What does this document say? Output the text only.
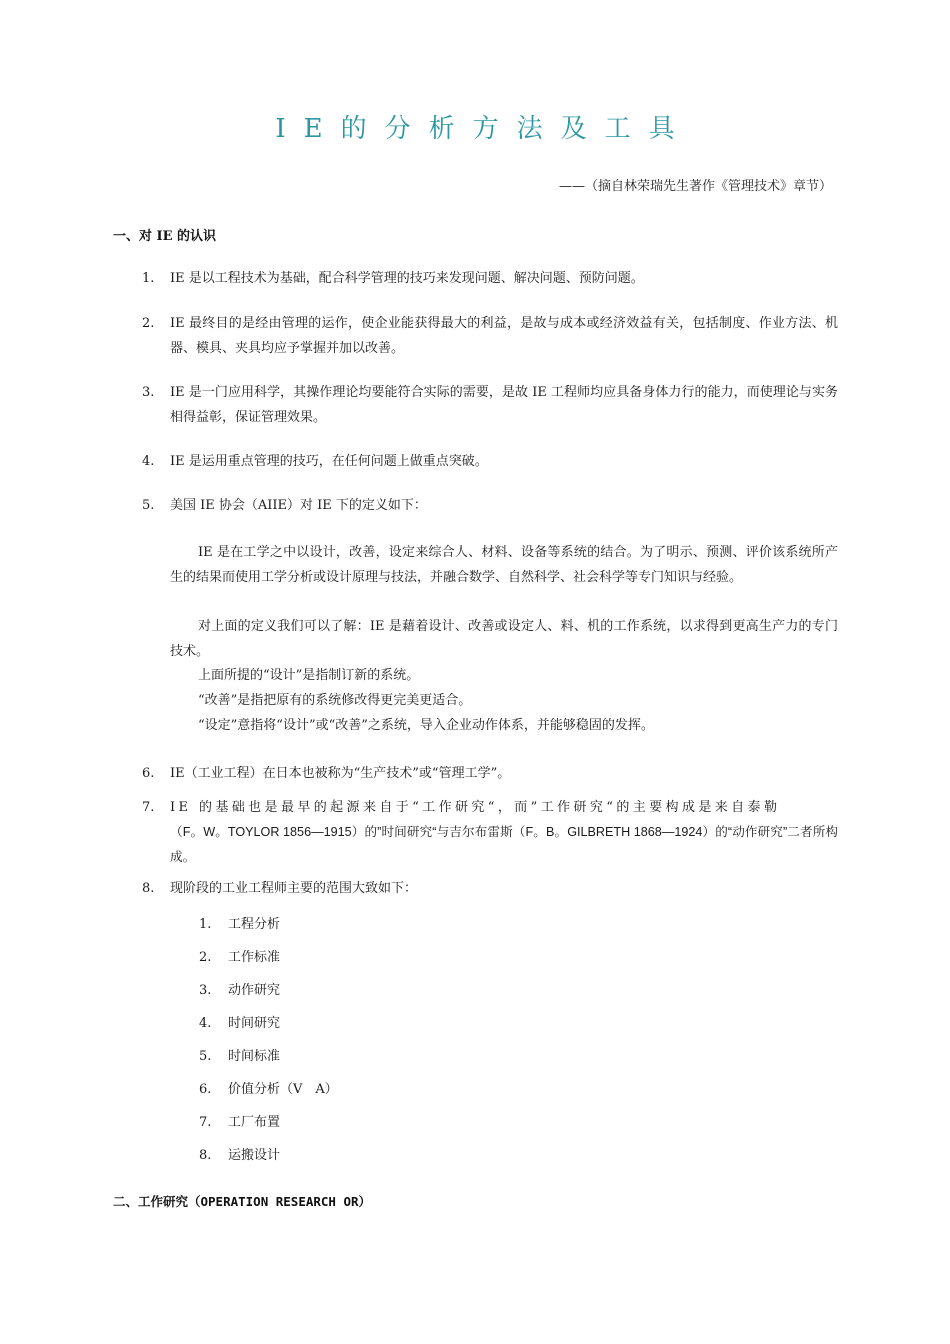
IE的分析方法及工具
——（摘自林荣瑞先生著作《管理技术》章节）
一、对 IE 的认识
1.	IE 是以工程技术为基础，配合科学管理的技巧来发现问题、解决问题、预防问题。
2.	IE 最终目的是经由管理的运作，使企业能获得最大的利益，是故与成本或经济效益有关，包括制度、作业方法、机器、模具、夹具均应予掌握并加以改善。
3.	IE 是一门应用科学，其操作理论均要能符合实际的需要，是故 IE 工程师均应具备身体力行的能力，而使理论与实务相得益彰，保证管理效果。
4.	IE 是运用重点管理的技巧，在任何问题上做重点突破。
5.	美国 IE 协会（AIIE）对 IE 下的定义如下：
IE 是在工学之中以设计，改善，设定来综合人、材料、设备等系统的结合。为了明示、预测、评价该系统所产生的结果而使用工学分析或设计原理与技法，并融合数学、自然科学、社会科学等专门知识与经验。
对上面的定义我们可以了解：IE 是藉着设计、改善或设定人、料、机的工作系统，以求得到更高生产力的专门技术。
上面所提的“设计”是指制订新的系统。
“改善”是指把原有的系统修改得更完美更适合。
“设定”意指将“设计”或“改善”之系统，导入企业动作体系，并能够稳固的发挥。
6.	IE（工业工程）在日本也被称为“生产技术”或“管理工学”。
7.	IE 的基础也是最早的起源来自于“工作研究“，而”工作研究“的主要构成是来自泰勒
（F。W。TOYLOR 1856—1915）的”时间研究“与吉尔布雷斯（F。B。GILBRETH 1868—1924）的“动作研究”二者所构成。
8.	现阶段的工业工程师主要的范围大致如下：
1. 工程分析
2. 工作标准
3. 动作研究
4. 时间研究
5. 时间标准
6. 价值分析（V　A）
7. 工厂布置
8. 运搬设计
二、工作研究（OPERATION RESEARCH OR）
